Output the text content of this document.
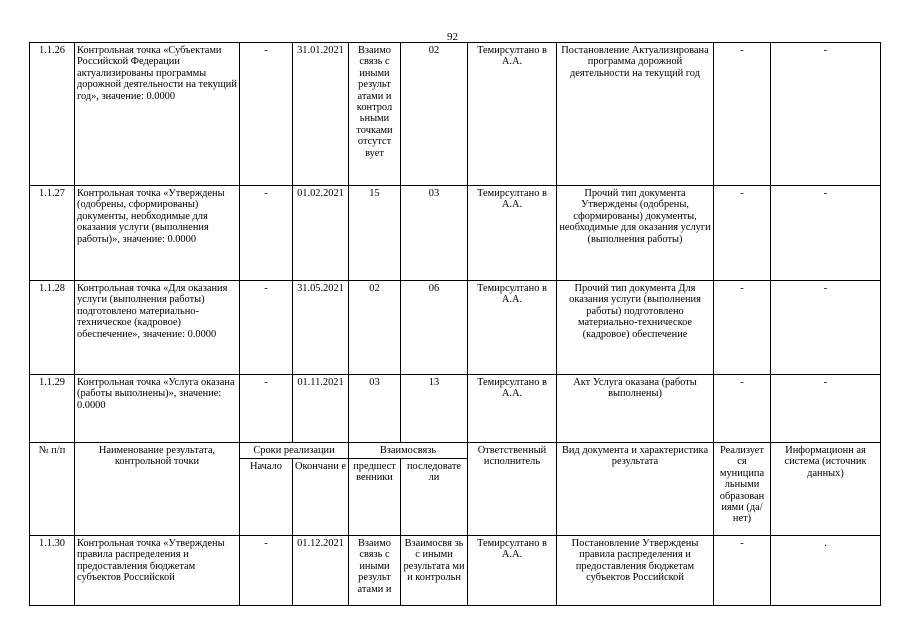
92
1.1.26	Контрольная точка «Субъектами Российской Федерации актуализированы программы дорожной деятельности на текущий год», значение: 0.0000	-	31.01.2021	Взаимо связь с иными результ атами и контрол ьными точками отсутст вует	02	Темирсултано в А.А.	Постановление Актуализирована программа дорожной деятельности на текущий год	-	-
1.1.27	Контрольная точка «Утверждены (одобрены, сформированы) документы, необходимые для оказания услуги (выполнения работы)», значение: 0.0000	-	01.02.2021	15	03	Темирсултано в А.А.	Прочий тип документа Утверждены (одобрены, сформированы) документы, необходимые для оказания услуги (выполнения работы)	-	-
1.1.28	Контрольная точка «Для оказания услуги (выполнения работы) подготовлено материально-техническое (кадровое) обеспечение», значение: 0.0000	-	31.05.2021	02	06	Темирсултано в А.А.	Прочий тип документа Для оказания услуги (выполнения работы) подготовлено материально-техническое (кадровое) обеспечение	-	-
1.1.29	Контрольная точка «Услуга оказана (работы выполнены)», значение: 0.0000	-	01.11.2021	03	13	Темирсултано в А.А.	Акт Услуга оказана (работы выполнены)	-	-
№ п/п	Наименование результата, контрольной точки	Сроки реализации		Взаимосвязь		Ответственный исполнитель	Вид документа и характеристика результата	Реализует ся муниципа льными образован иями (да/нет)	Информационн ая система (источник данных)
		Начало	Окончани е	предшест венники	последовате ли				
1.1.30	Контрольная точка «Утверждены правила распределения и предоставления бюджетам субъектов Российской	-	01.12.2021	Взаимо связь с иными результ атами и	Взаимосвя зь с иными результата ми и контрольн	Темирсултано в А.А.	Постановление Утверждены правила распределения и предоставления бюджетам субъектов Российской	-	.
